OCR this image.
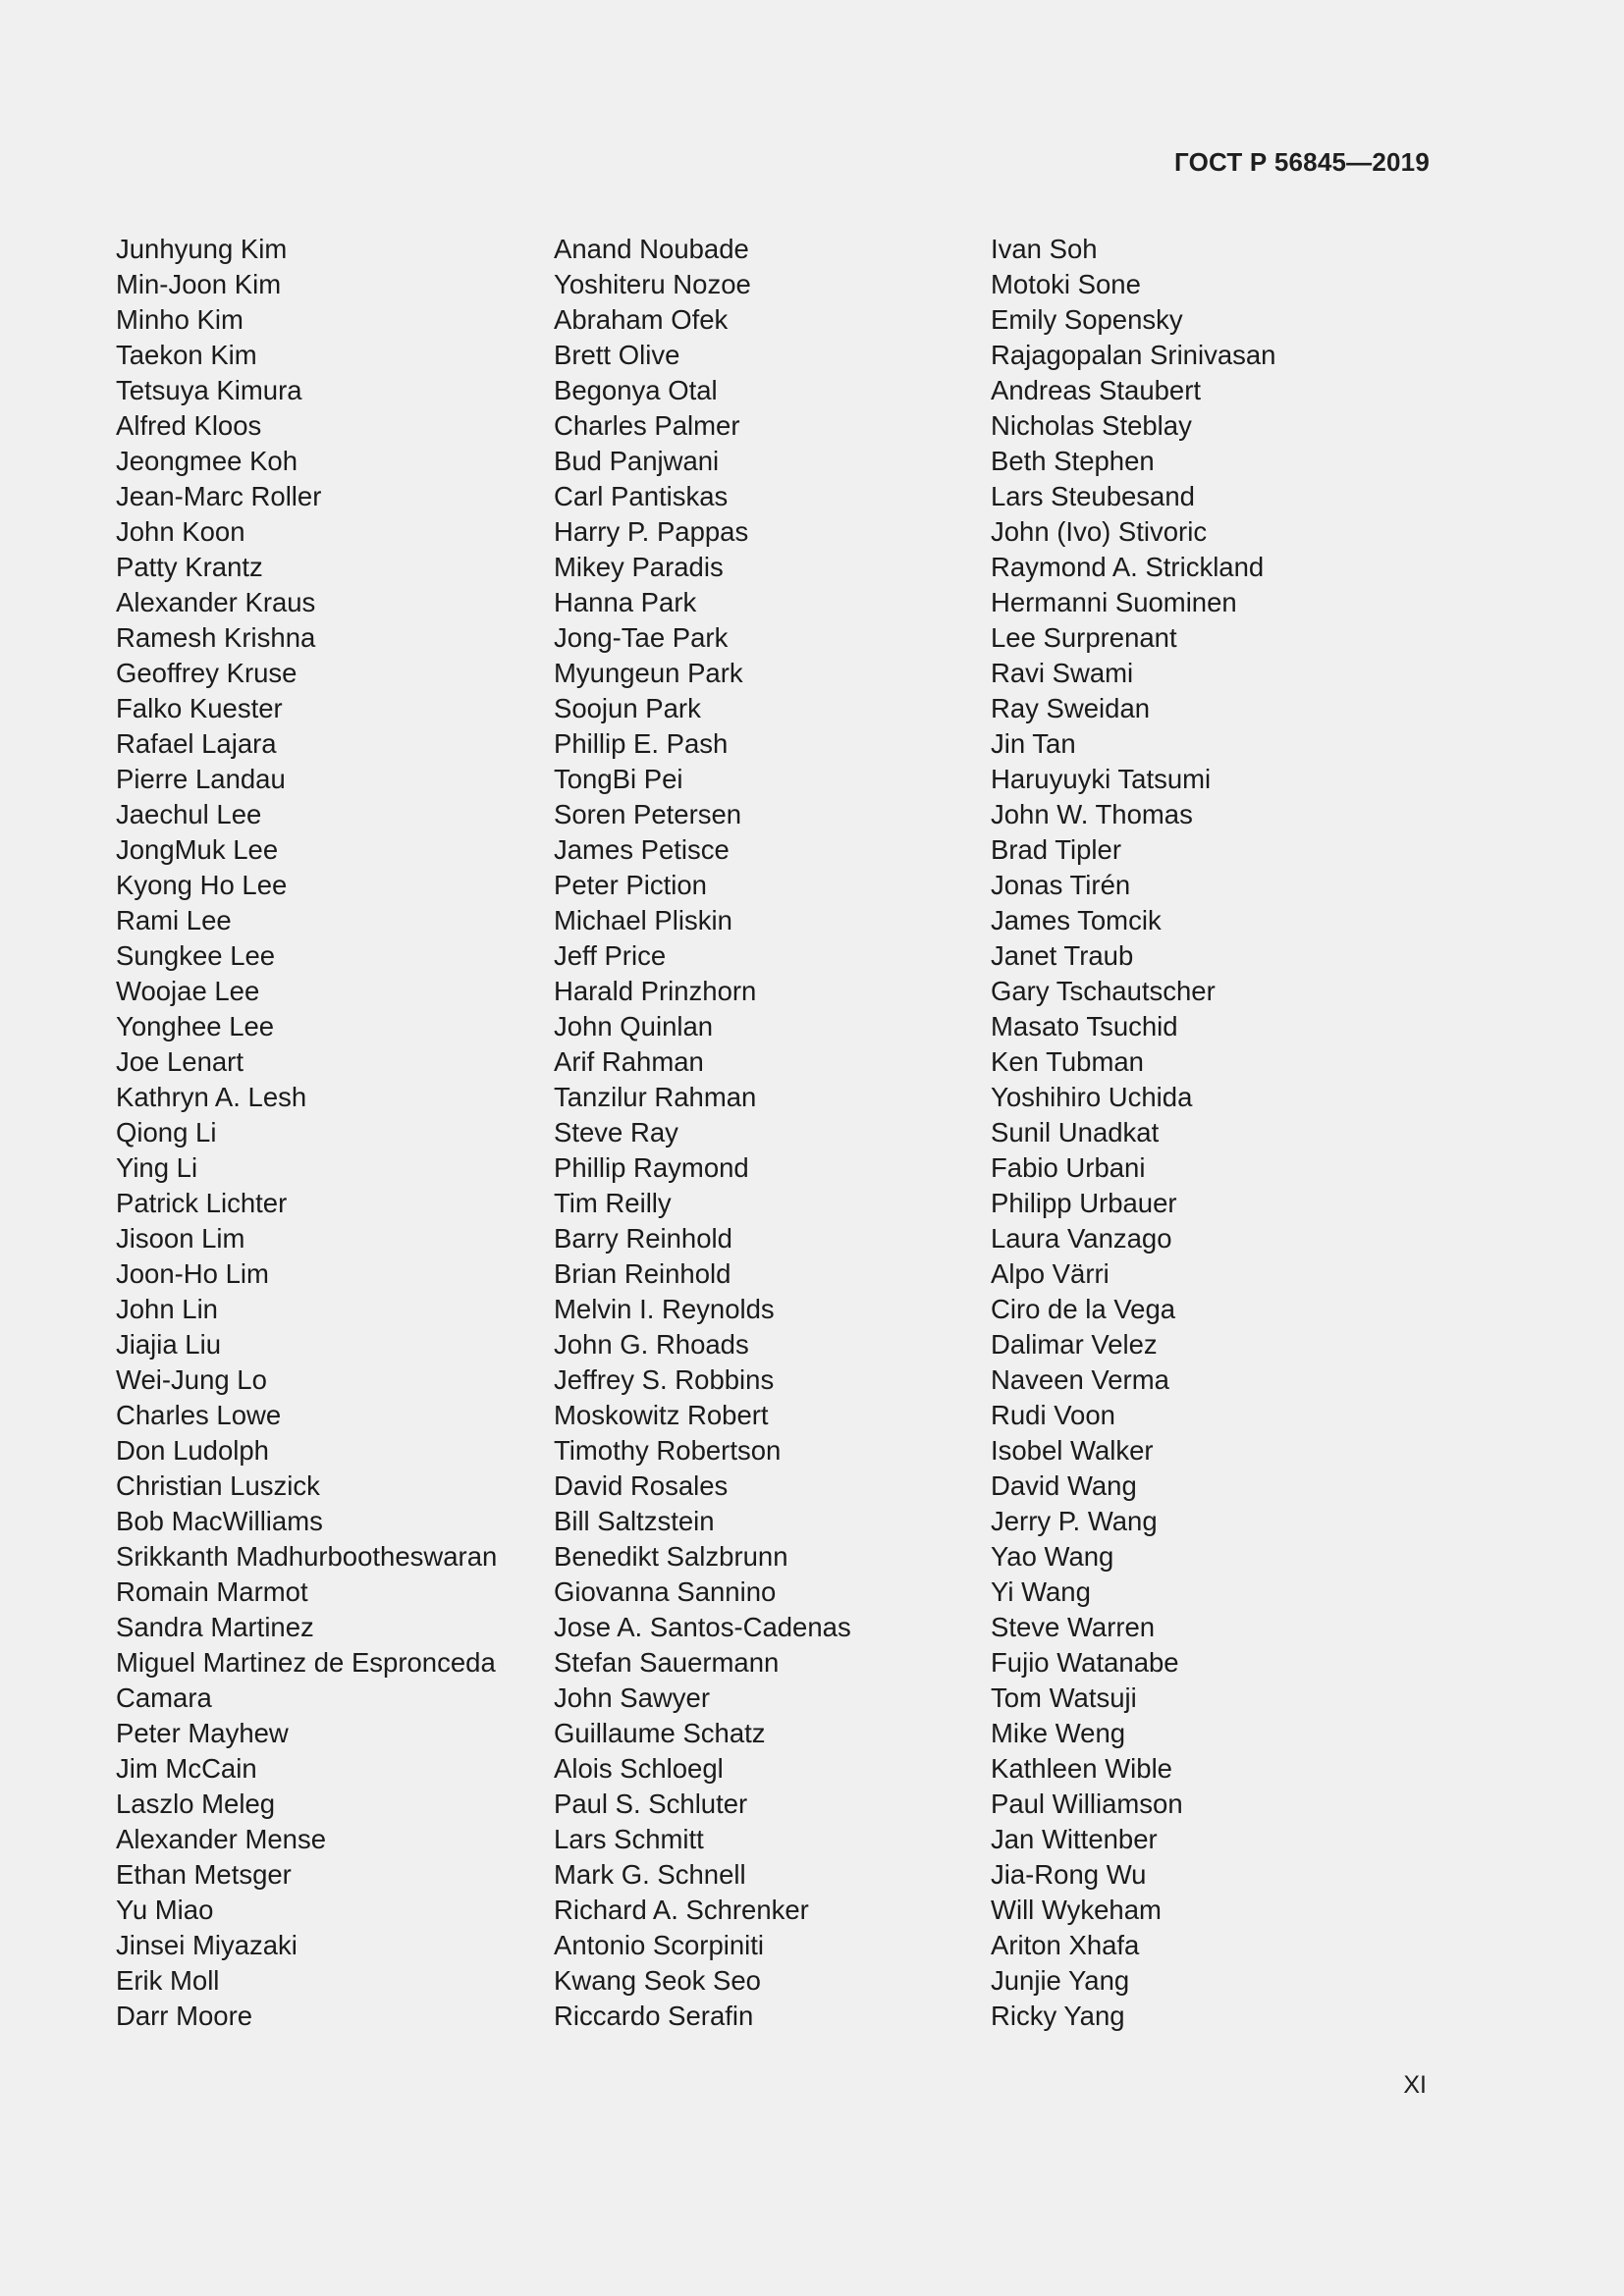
ГОСТ Р 56845—2019
Junhyung Kim
Min-Joon Kim
Minho Kim
Taekon Kim
Tetsuya Kimura
Alfred Kloos
Jeongmee Koh
Jean-Marc Roller
John Koon
Patty Krantz
Alexander Kraus
Ramesh Krishna
Geoffrey Kruse
Falko Kuester
Rafael Lajara
Pierre Landau
Jaechul Lee
JongMuk Lee
Kyong Ho Lee
Rami Lee
Sungkee Lee
Woojae Lee
Yonghee Lee
Joe Lenart
Kathryn A. Lesh
Qiong Li
Ying Li
Patrick Lichter
Jisoon Lim
Joon-Ho Lim
John Lin
Jiajia Liu
Wei-Jung Lo
Charles Lowe
Don Ludolph
Christian Luszick
Bob MacWilliams
Srikkanth Madhurbootheswaran
Romain Marmot
Sandra Martinez
Miguel Martinez de Espronceda
Camara
Peter Mayhew
Jim McCain
Laszlo Meleg
Alexander Mense
Ethan Metsger
Yu Miao
Jinsei Miyazaki
Erik Moll
Darr Moore
Anand Noubade
Yoshiteru Nozoe
Abraham Ofek
Brett Olive
Begonya Otal
Charles Palmer
Bud Panjwani
Carl Pantiskas
Harry P. Pappas
Mikey Paradis
Hanna Park
Jong-Tae Park
Myungeun Park
Soojun Park
Phillip E. Pash
TongBi Pei
Soren Petersen
James Petisce
Peter Piction
Michael Pliskin
Jeff Price
Harald Prinzhorn
John Quinlan
Arif Rahman
Tanzilur Rahman
Steve Ray
Phillip Raymond
Tim Reilly
Barry Reinhold
Brian Reinhold
Melvin I. Reynolds
John G. Rhoads
Jeffrey S. Robbins
Moskowitz Robert
Timothy Robertson
David Rosales
Bill Saltzstein
Benedikt Salzbrunn
Giovanna Sannino
Jose A. Santos-Cadenas
Stefan Sauermann
John Sawyer
Guillaume Schatz
Alois Schloegl
Paul S. Schluter
Lars Schmitt
Mark G. Schnell
Richard A. Schrenker
Antonio Scorpiniti
Kwang Seok Seo
Riccardo Serafin
Ivan Soh
Motoki Sone
Emily Sopensky
Rajagopalan Srinivasan
Andreas Staubert
Nicholas Steblay
Beth Stephen
Lars Steubesand
John (Ivo) Stivoric
Raymond A. Strickland
Hermanni Suominen
Lee Surprenant
Ravi Swami
Ray Sweidan
Jin Tan
Haruyuyki Tatsumi
John W. Thomas
Brad Tipler
Jonas Tirén
James Tomcik
Janet Traub
Gary Tschautscher
Masato Tsuchid
Ken Tubman
Yoshihiro Uchida
Sunil Unadkat
Fabio Urbani
Philipp Urbauer
Laura Vanzago
Alpo Värri
Ciro de la Vega
Dalimar Velez
Naveen Verma
Rudi Voon
Isobel Walker
David Wang
Jerry P. Wang
Yao Wang
Yi Wang
Steve Warren
Fujio Watanabe
Tom Watsuji
Mike Weng
Kathleen Wible
Paul Williamson
Jan Wittenber
Jia-Rong Wu
Will Wykeham
Ariton Xhafa
Junjie Yang
Ricky Yang
XI
